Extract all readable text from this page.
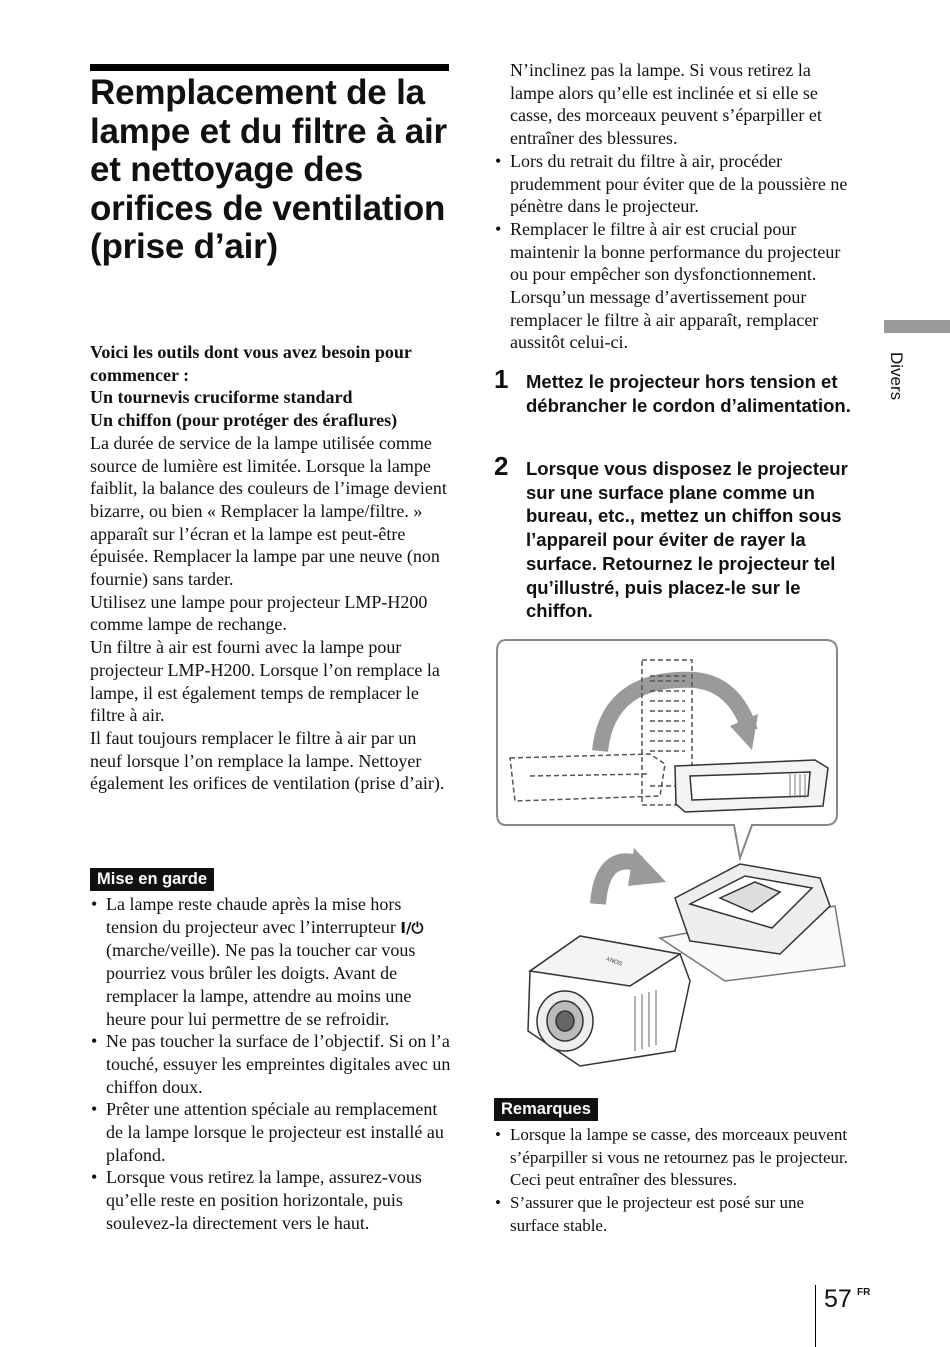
Remplacement de la lampe et du filtre à air et nettoyage des orifices de ventilation (prise d’air)

Voici les outils dont vous avez besoin pour commencer :

Un tournevis cruciforme standard

Un chiffon (pour protéger des éraflures)

La durée de service de la lampe utilisée comme source de lumière est limitée. Lorsque la lampe faiblit, la balance des couleurs de l’image devient bizarre, ou bien « Remplacer la lampe/filtre. » apparaît sur l’écran et la lampe est peut-être épuisée. Remplacer la lampe par une neuve (non fournie) sans tarder.

Utilisez une lampe pour projecteur LMP-H200 comme lampe de rechange.

Un filtre à air est fourni avec la lampe pour projecteur LMP-H200. Lorsque l’on remplace la lampe, il est également temps de remplacer le filtre à air.

Il faut toujours remplacer le filtre à air par un neuf lorsque l’on remplace la lampe. Nettoyer également les orifices de ventilation (prise d’air).

Mise en garde
• La lampe reste chaude après la mise hors tension du projecteur avec l’interrupteur I/⏻ (marche/veille). Ne pas la toucher car vous pourriez vous brûler les doigts. Avant de remplacer la lampe, attendre au moins une heure pour lui permettre de se refroidir.
• Ne pas toucher la surface de l’objectif. Si on l’a touché, essuyer les empreintes digitales avec un chiffon doux.
• Prêter une attention spéciale au remplacement de la lampe lorsque le projecteur est installé au plafond.
• Lorsque vous retirez la lampe, assurez-vous qu’elle reste en position horizontale, puis soulevez-la directement vers le haut.
N’inclinez pas la lampe. Si vous retirez la lampe alors qu’elle est inclinée et si elle se casse, des morceaux peuvent s’éparpiller et entraîner des blessures.
• Lors du retrait du filtre à air, procéder prudemment pour éviter que de la poussière ne pénètre dans le projecteur.
• Remplacer le filtre à air est crucial pour maintenir la bonne performance du projecteur ou pour empêcher son dysfonctionnement. Lorsqu’un message d’avertissement pour remplacer le filtre à air apparaît, remplacer aussitôt celui-ci.
1 Mettez le projecteur hors tension et débrancher le cordon d’alimentation.
2 Lorsque vous disposez le projecteur sur une surface plane comme un bureau, etc., mettez un chiffon sous l’appareil pour éviter de rayer la surface. Retournez le projecteur tel qu’illustré, puis placez-le sur le chiffon.
SONY
Remarques
• Lorsque la lampe se casse, des morceaux peuvent s’éparpiller si vous ne retournez pas le projecteur. Ceci peut entraîner des blessures.
• S’assurer que le projecteur est posé sur une surface stable.
Divers
57 FR
